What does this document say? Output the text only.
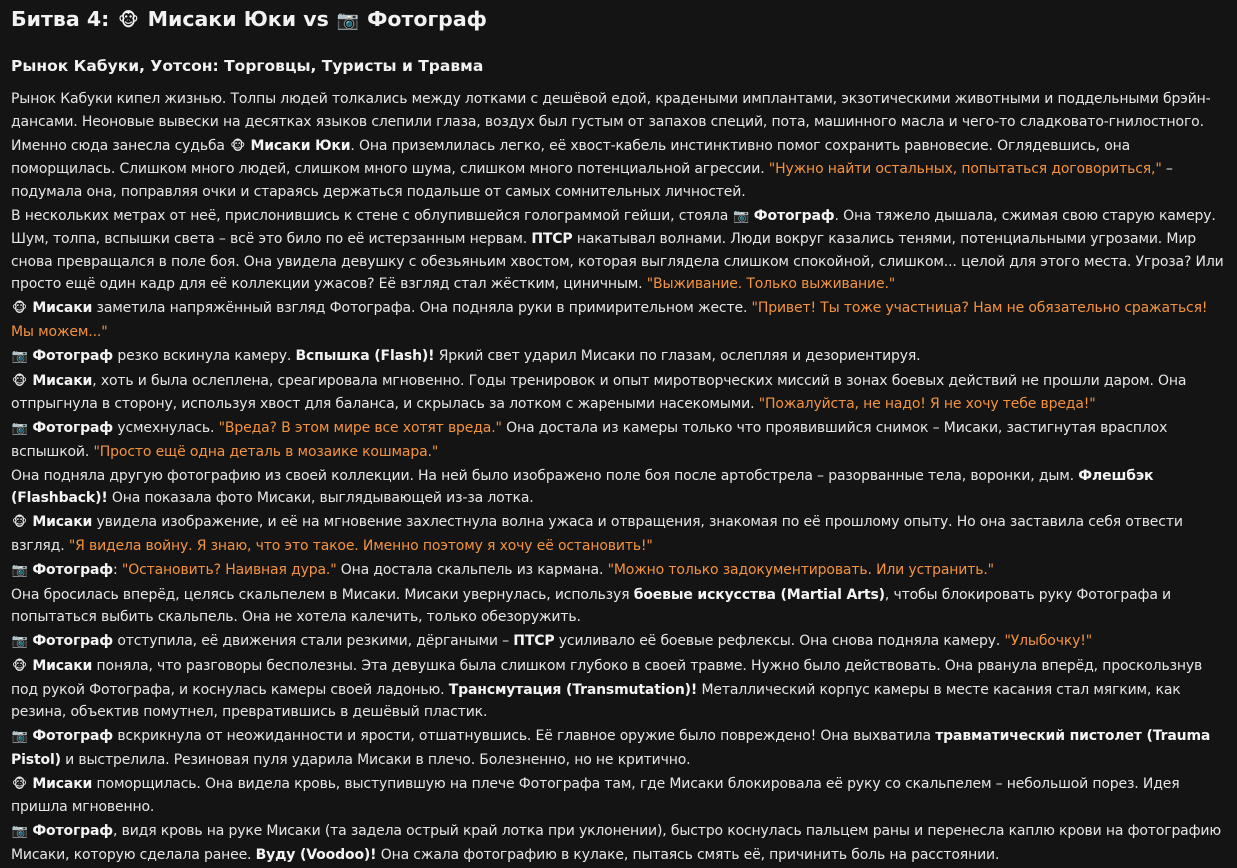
Битва 4: 🐵 Мисаки Юки vs 📷 Фотограф
Рынок Кабуки, Уотсон: Торговцы, Туристы и Травма

Рынок Кабуки кипел жизнью. Толпы людей толкались между лотками с дешёвой едой, крадеными имплантами, экзотическими животными и поддельными брэйн-дансами. Неоновые вывески на десятках языков слепили глаза, воздух был густым от запахов специй, пота, машинного масла и чего-то сладковато-гнилостного.

Именно сюда занесла судьба 🐵 Мисаки Юки. Она приземлилась легко, её хвост-кабель инстинктивно помог сохранить равновесие. Оглядевшись, она поморщилась. Слишком много людей, слишком много шума, слишком много потенциальной агрессии. "Нужно найти остальных, попытаться договориться," – подумала она, поправляя очки и стараясь держаться подальше от самых сомнительных личностей.

В нескольких метрах от неё, прислонившись к стене с облупившейся голограммой гейши, стояла 📷 Фотограф. Она тяжело дышала, сжимая свою старую камеру. Шум, толпа, вспышки света – всё это било по её истерзанным нервам. ПТСР накатывал волнами. Люди вокруг казались тенями, потенциальными угрозами. Мир снова превращался в поле боя. Она увидела девушку с обезьяньим хвостом, которая выглядела слишком спокойной, слишком... целой для этого места. Угроза? Или просто ещё один кадр для её коллекции ужасов? Её взгляд стал жёстким, циничным. "Выживание. Только выживание."

🐵 Мисаки заметила напряжённый взгляд Фотографа. Она подняла руки в примирительном жесте. "Привет! Ты тоже участница? Нам не обязательно сражаться! Мы можем..."

📷 Фотограф резко вскинула камеру. Вспышка (Flash)! Яркий свет ударил Мисаки по глазам, ослепляя и дезориентируя.

🐵 Мисаки, хоть и была ослеплена, среагировала мгновенно. Годы тренировок и опыт миротворческих миссий в зонах боевых действий не прошли даром. Она отпрыгнула в сторону, используя хвост для баланса, и скрылась за лотком с жареными насекомыми. "Пожалуйста, не надо! Я не хочу тебе вреда!"

📷 Фотограф усмехнулась. "Вреда? В этом мире все хотят вреда." Она достала из камеры только что проявившийся снимок – Мисаки, застигнутая врасплох вспышкой. "Просто ещё одна деталь в мозаике кошмара."

Она подняла другую фотографию из своей коллекции. На ней было изображено поле боя после артобстрела – разорванные тела, воронки, дым. Флешбэк (Flashback)! Она показала фото Мисаки, выглядывающей из-за лотка.

🐵 Мисаки увидела изображение, и её на мгновение захлестнула волна ужаса и отвращения, знакомая по её прошлому опыту. Но она заставила себя отвести взгляд. "Я видела войну. Я знаю, что это такое. Именно поэтому я хочу её остановить!"

📷 Фотограф: "Остановить? Наивная дура." Она достала скальпель из кармана. "Можно только задокументировать. Или устранить."

Она бросилась вперёд, целясь скальпелем в Мисаки. Мисаки увернулась, используя боевые искусства (Martial Arts), чтобы блокировать руку Фотографа и попытаться выбить скальпель. Она не хотела калечить, только обезоружить.

📷 Фотограф отступила, её движения стали резкими, дёргаными – ПТСР усиливало её боевые рефлексы. Она снова подняла камеру. "Улыбочку!"

🐵 Мисаки поняла, что разговоры бесполезны. Эта девушка была слишком глубоко в своей травме. Нужно было действовать. Она рванула вперёд, проскользнув под рукой Фотографа, и коснулась камеры своей ладонью. Трансмутация (Transmutation)! Металлический корпус камеры в месте касания стал мягким, как резина, объектив помутнел, превратившись в дешёвый пластик.

📷 Фотограф вскрикнула от неожиданности и ярости, отшатнувшись. Её главное оружие было повреждено! Она выхватила травматический пистолет (Trauma Pistol) и выстрелила. Резиновая пуля ударила Мисаки в плечо. Болезненно, но не критично.

🐵 Мисаки поморщилась. Она видела кровь, выступившую на плече Фотографа там, где Мисаки блокировала её руку со скальпелем – небольшой порез. Идея пришла мгновенно.

📷 Фотограф, видя кровь на руке Мисаки (та задела острый край лотка при уклонении), быстро коснулась пальцем раны и перенесла каплю крови на фотографию Мисаки, которую сделала ранее. Вуду (Voodoo)! Она сжала фотографию в кулаке, пытаясь смять её, причинить боль на расстоянии.
